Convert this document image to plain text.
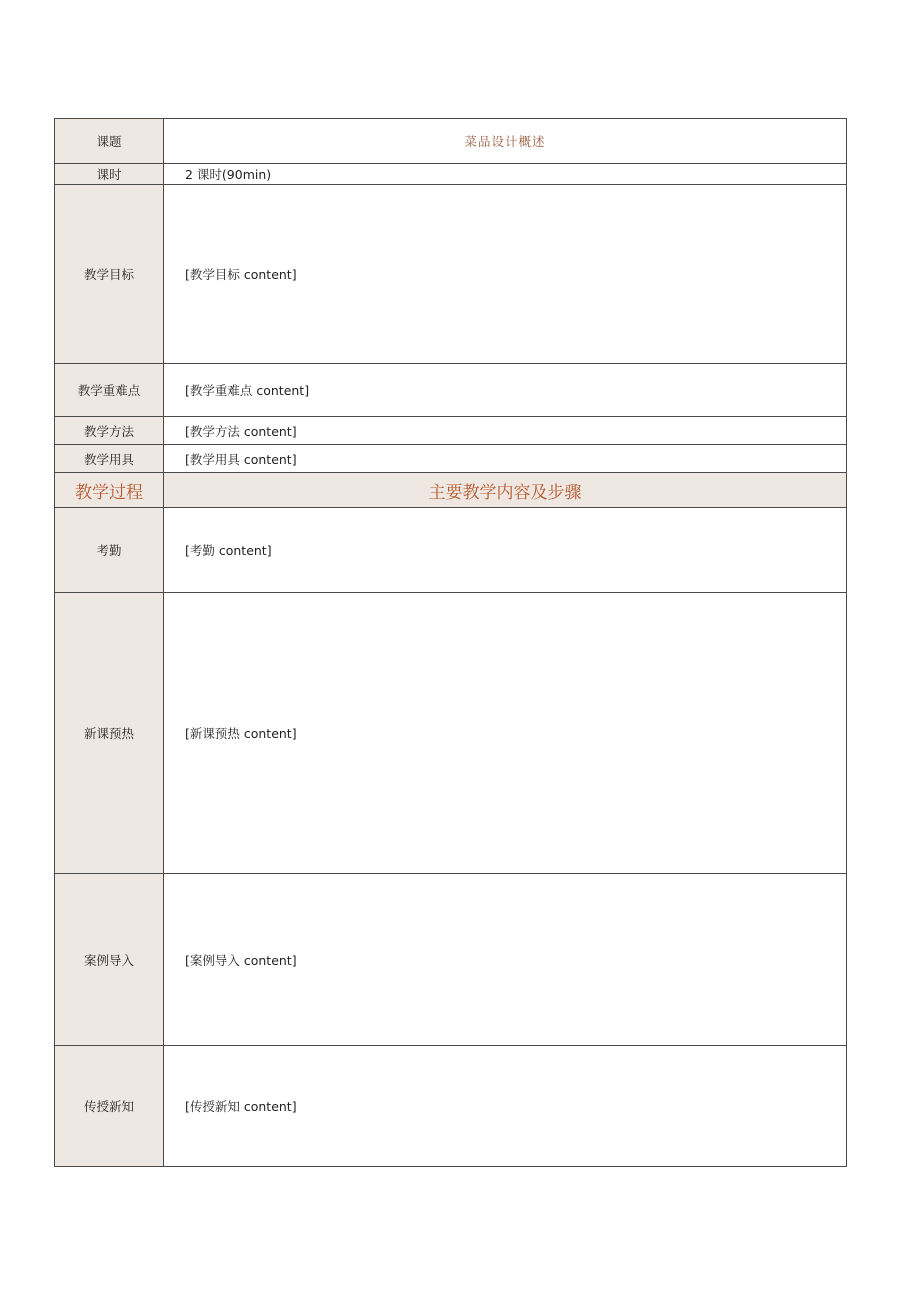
课题	菜品设计概述
课时	2 课时(90min)
教学目标	[教学目标 content]
教学重难点	[教学重难点 content]
教学方法	[教学方法 content]
教学用具	[教学用具 content]
教学过程	主要教学内容及步骤
考勤	[考勤 content]
新课预热	[新课预热 content]
案例导入	[案例导入 content]
传授新知	[传授新知 content]
